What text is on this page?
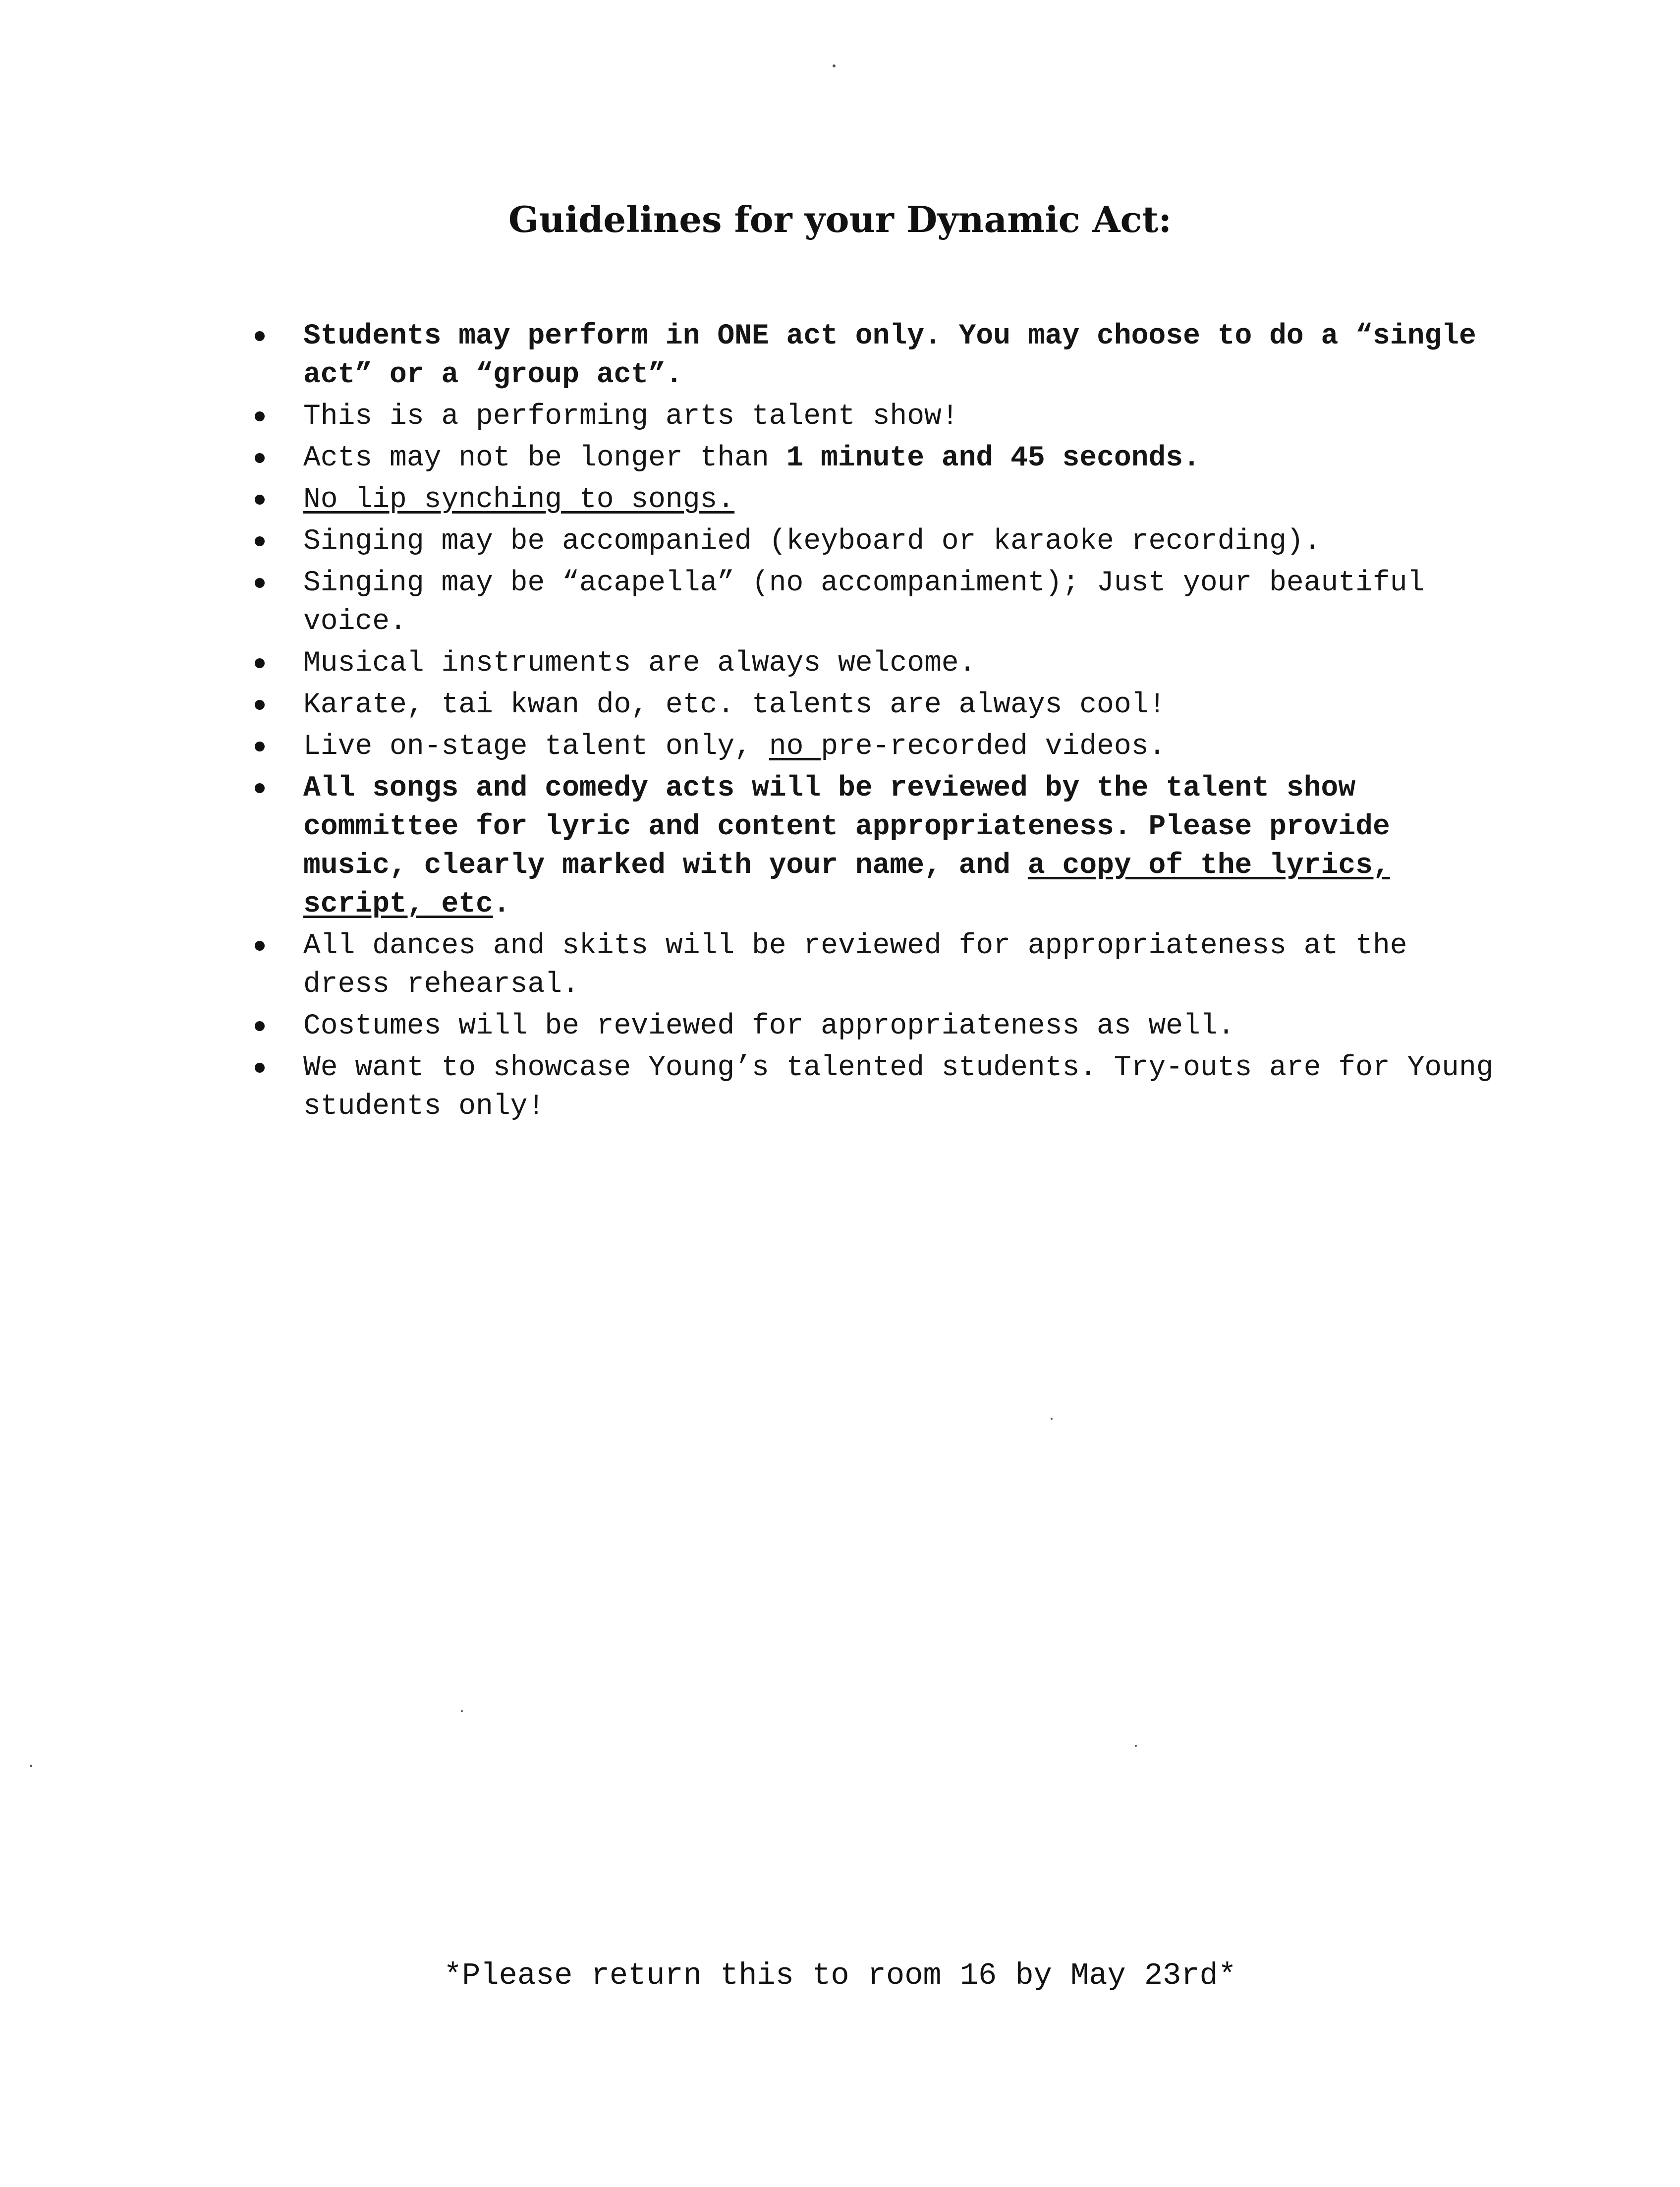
Guidelines for your Dynamic Act:
Students may perform in ONE act only. You may choose to do a “single act” or a “group act”.
This is a performing arts talent show!
Acts may not be longer than 1 minute and 45 seconds.
No lip synching to songs.
Singing may be accompanied (keyboard or karaoke recording).
Singing may be “acapella” (no accompaniment); Just your beautiful voice.
Musical instruments are always welcome.
Karate, tai kwan do, etc. talents are always cool!
Live on-stage talent only, no pre-recorded videos.
All songs and comedy acts will be reviewed by the talent show committee for lyric and content appropriateness. Please provide music, clearly marked with your name, and a copy of the lyrics, script, etc.
All dances and skits will be reviewed for appropriateness at the dress rehearsal.
Costumes will be reviewed for appropriateness as well.
We want to showcase Young’s talented students. Try-outs are for Young students only!
*Please return this to room 16 by May 23rd*
